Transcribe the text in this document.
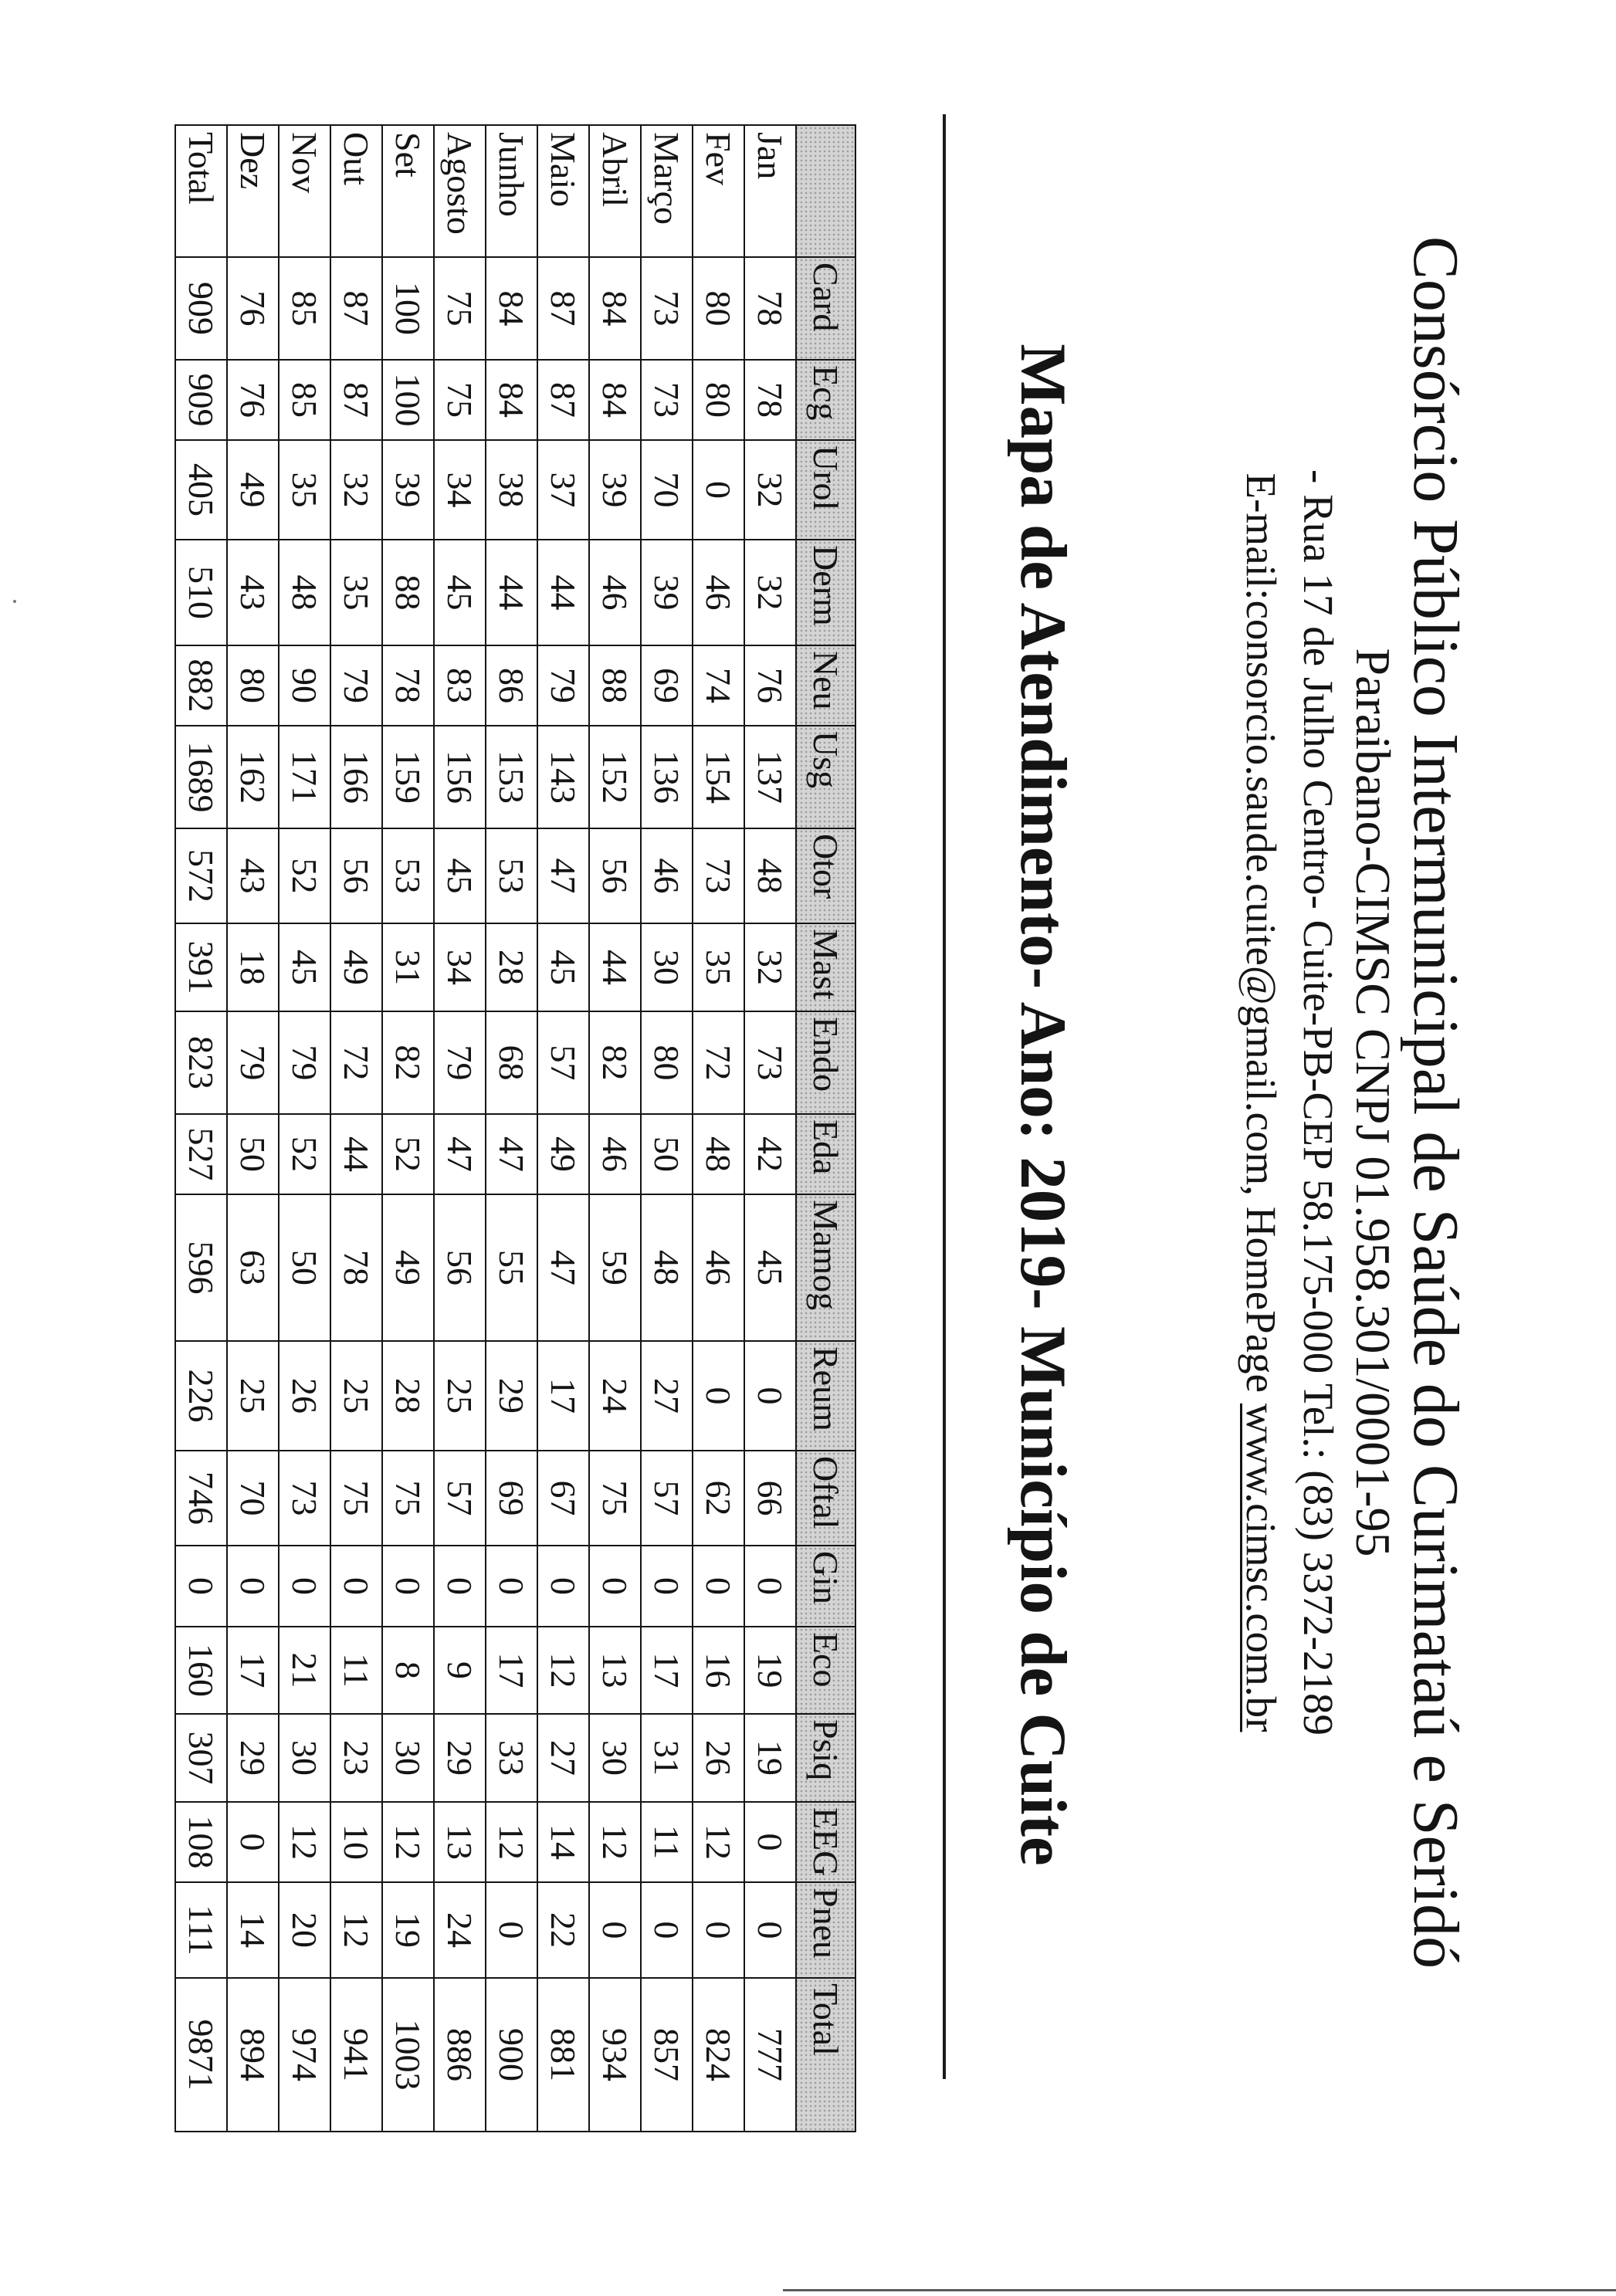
Consórcio Público Intermunicipal de Saúde do Curimataú e Seridó
Paraibano-CIMSC CNPJ 01.958.301/0001-95
- Rua 17 de Julho Centro- Cuite-PB-CEP 58.175-000 Tel.: (83) 3372-2189
E-mail:consorcio.saude.cuite@gmail.com, HomePage www.cimsc.com.br
Mapa de Atendimento- Ano: 2019- Município de Cuite
	Card	Ecg	Urol	Derm	Neu	Usg	Otor	Mast	Endo	Eda	Mamog	Reum	Oftal	Gin	Eco	Psiq	EEG	Pneu	Total
Jan	78	78	32	32	76	137	48	32	73	42	45	0	66	0	19	19	0	0	777
Fev	80	80	0	46	74	154	73	35	72	48	46	0	62	0	16	26	12	0	824
Março	73	73	70	39	69	136	46	30	80	50	48	27	57	0	17	31	11	0	857
Abril	84	84	39	46	88	152	56	44	82	46	59	24	75	0	13	30	12	0	934
Maio	87	87	37	44	79	143	47	45	57	49	47	17	67	0	12	27	14	22	881
Junho	84	84	38	44	86	153	53	28	68	47	55	29	69	0	17	33	12	0	900
Agosto	75	75	34	45	83	156	45	34	79	47	56	25	57	0	9	29	13	24	886
Set	100	100	39	88	78	159	53	31	82	52	49	28	75	0	8	30	12	19	1003
Out	87	87	32	35	79	166	56	49	72	44	78	25	75	0	11	23	10	12	941
Nov	85	85	35	48	90	171	52	45	79	52	50	26	73	0	21	30	12	20	974
Dez	76	76	49	43	80	162	43	18	79	50	63	25	70	0	17	29	0	14	894
Total	909	909	405	510	882	1689	572	391	823	527	596	226	746	0	160	307	108	111	9871
